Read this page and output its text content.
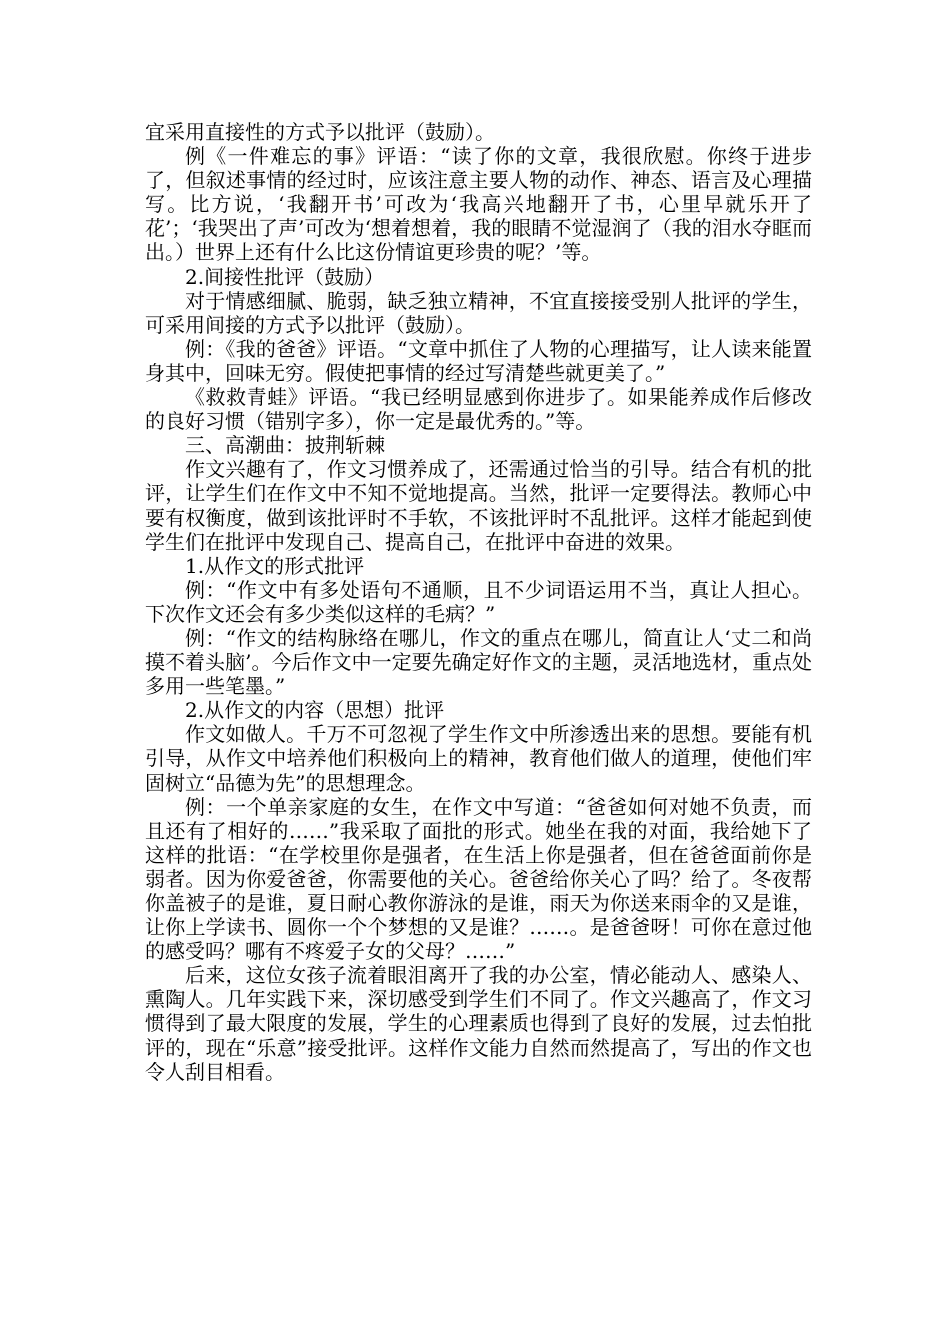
宜采用直接性的方式予以批评（鼓励）。

例《一件难忘的事》评语：“读了你的文章，我很欣慰。你终于进步了，但叙述事情的经过时，应该注意主要人物的动作、神态、语言及心理描写。比方说，‘我翻开书’可改为‘我高兴地翻开了书，心里早就乐开了花’；‘我哭出了声’可改为‘想着想着，我的眼睛不觉湿润了（我的泪水夺眶而出。）世界上还有什么比这份情谊更珍贵的呢？’等。

2.间接性批评（鼓励）

对于情感细腻、脆弱，缺乏独立精神，不宜直接接受别人批评的学生，可采用间接的方式予以批评（鼓励）。

例：《我的爸爸》评语。“文章中抓住了人物的心理描写，让人读来能置身其中，回味无穷。假使把事情的经过写清楚些就更美了。”

《救救青蛙》评语。“我已经明显感到你进步了。如果能养成作后修改的良好习惯（错别字多），你一定是最优秀的。”等。

三、高潮曲：披荆斩棘

作文兴趣有了，作文习惯养成了，还需通过恰当的引导。结合有机的批评，让学生们在作文中不知不觉地提高。当然，批评一定要得法。教师心中要有权衡度，做到该批评时不手软，不该批评时不乱批评。这样才能起到使学生们在批评中发现自己、提高自己，在批评中奋进的效果。

1.从作文的形式批评

例：“作文中有多处语句不通顺，且不少词语运用不当，真让人担心。下次作文还会有多少类似这样的毛病？”

例：“作文的结构脉络在哪儿，作文的重点在哪儿，简直让人‘丈二和尚摸不着头脑’。今后作文中一定要先确定好作文的主题，灵活地选材，重点处多用一些笔墨。”

2.从作文的内容（思想）批评

作文如做人。千万不可忽视了学生作文中所渗透出来的思想。要能有机引导，从作文中培养他们积极向上的精神，教育他们做人的道理，使他们牢固树立“品德为先”的思想理念。

例：一个单亲家庭的女生，在作文中写道：“爸爸如何对她不负责，而且还有了相好的……”我采取了面批的形式。她坐在我的对面，我给她下了这样的批语：“在学校里你是强者，在生活上你是强者，但在爸爸面前你是弱者。因为你爱爸爸，你需要他的关心。爸爸给你关心了吗？给了。冬夜帮你盖被子的是谁，夏日耐心教你游泳的是谁，雨天为你送来雨伞的又是谁，让你上学读书、圆你一个个梦想的又是谁？……。是爸爸呀！可你在意过他的感受吗？哪有不疼爱子女的父母？……”

后来，这位女孩子流着眼泪离开了我的办公室，情必能动人、感染人、熏陶人。几年实践下来，深切感受到学生们不同了。作文兴趣高了，作文习惯得到了最大限度的发展，学生的心理素质也得到了良好的发展，过去怕批评的，现在“乐意”接受批评。这样作文能力自然而然提高了，写出的作文也令人刮目相看。
